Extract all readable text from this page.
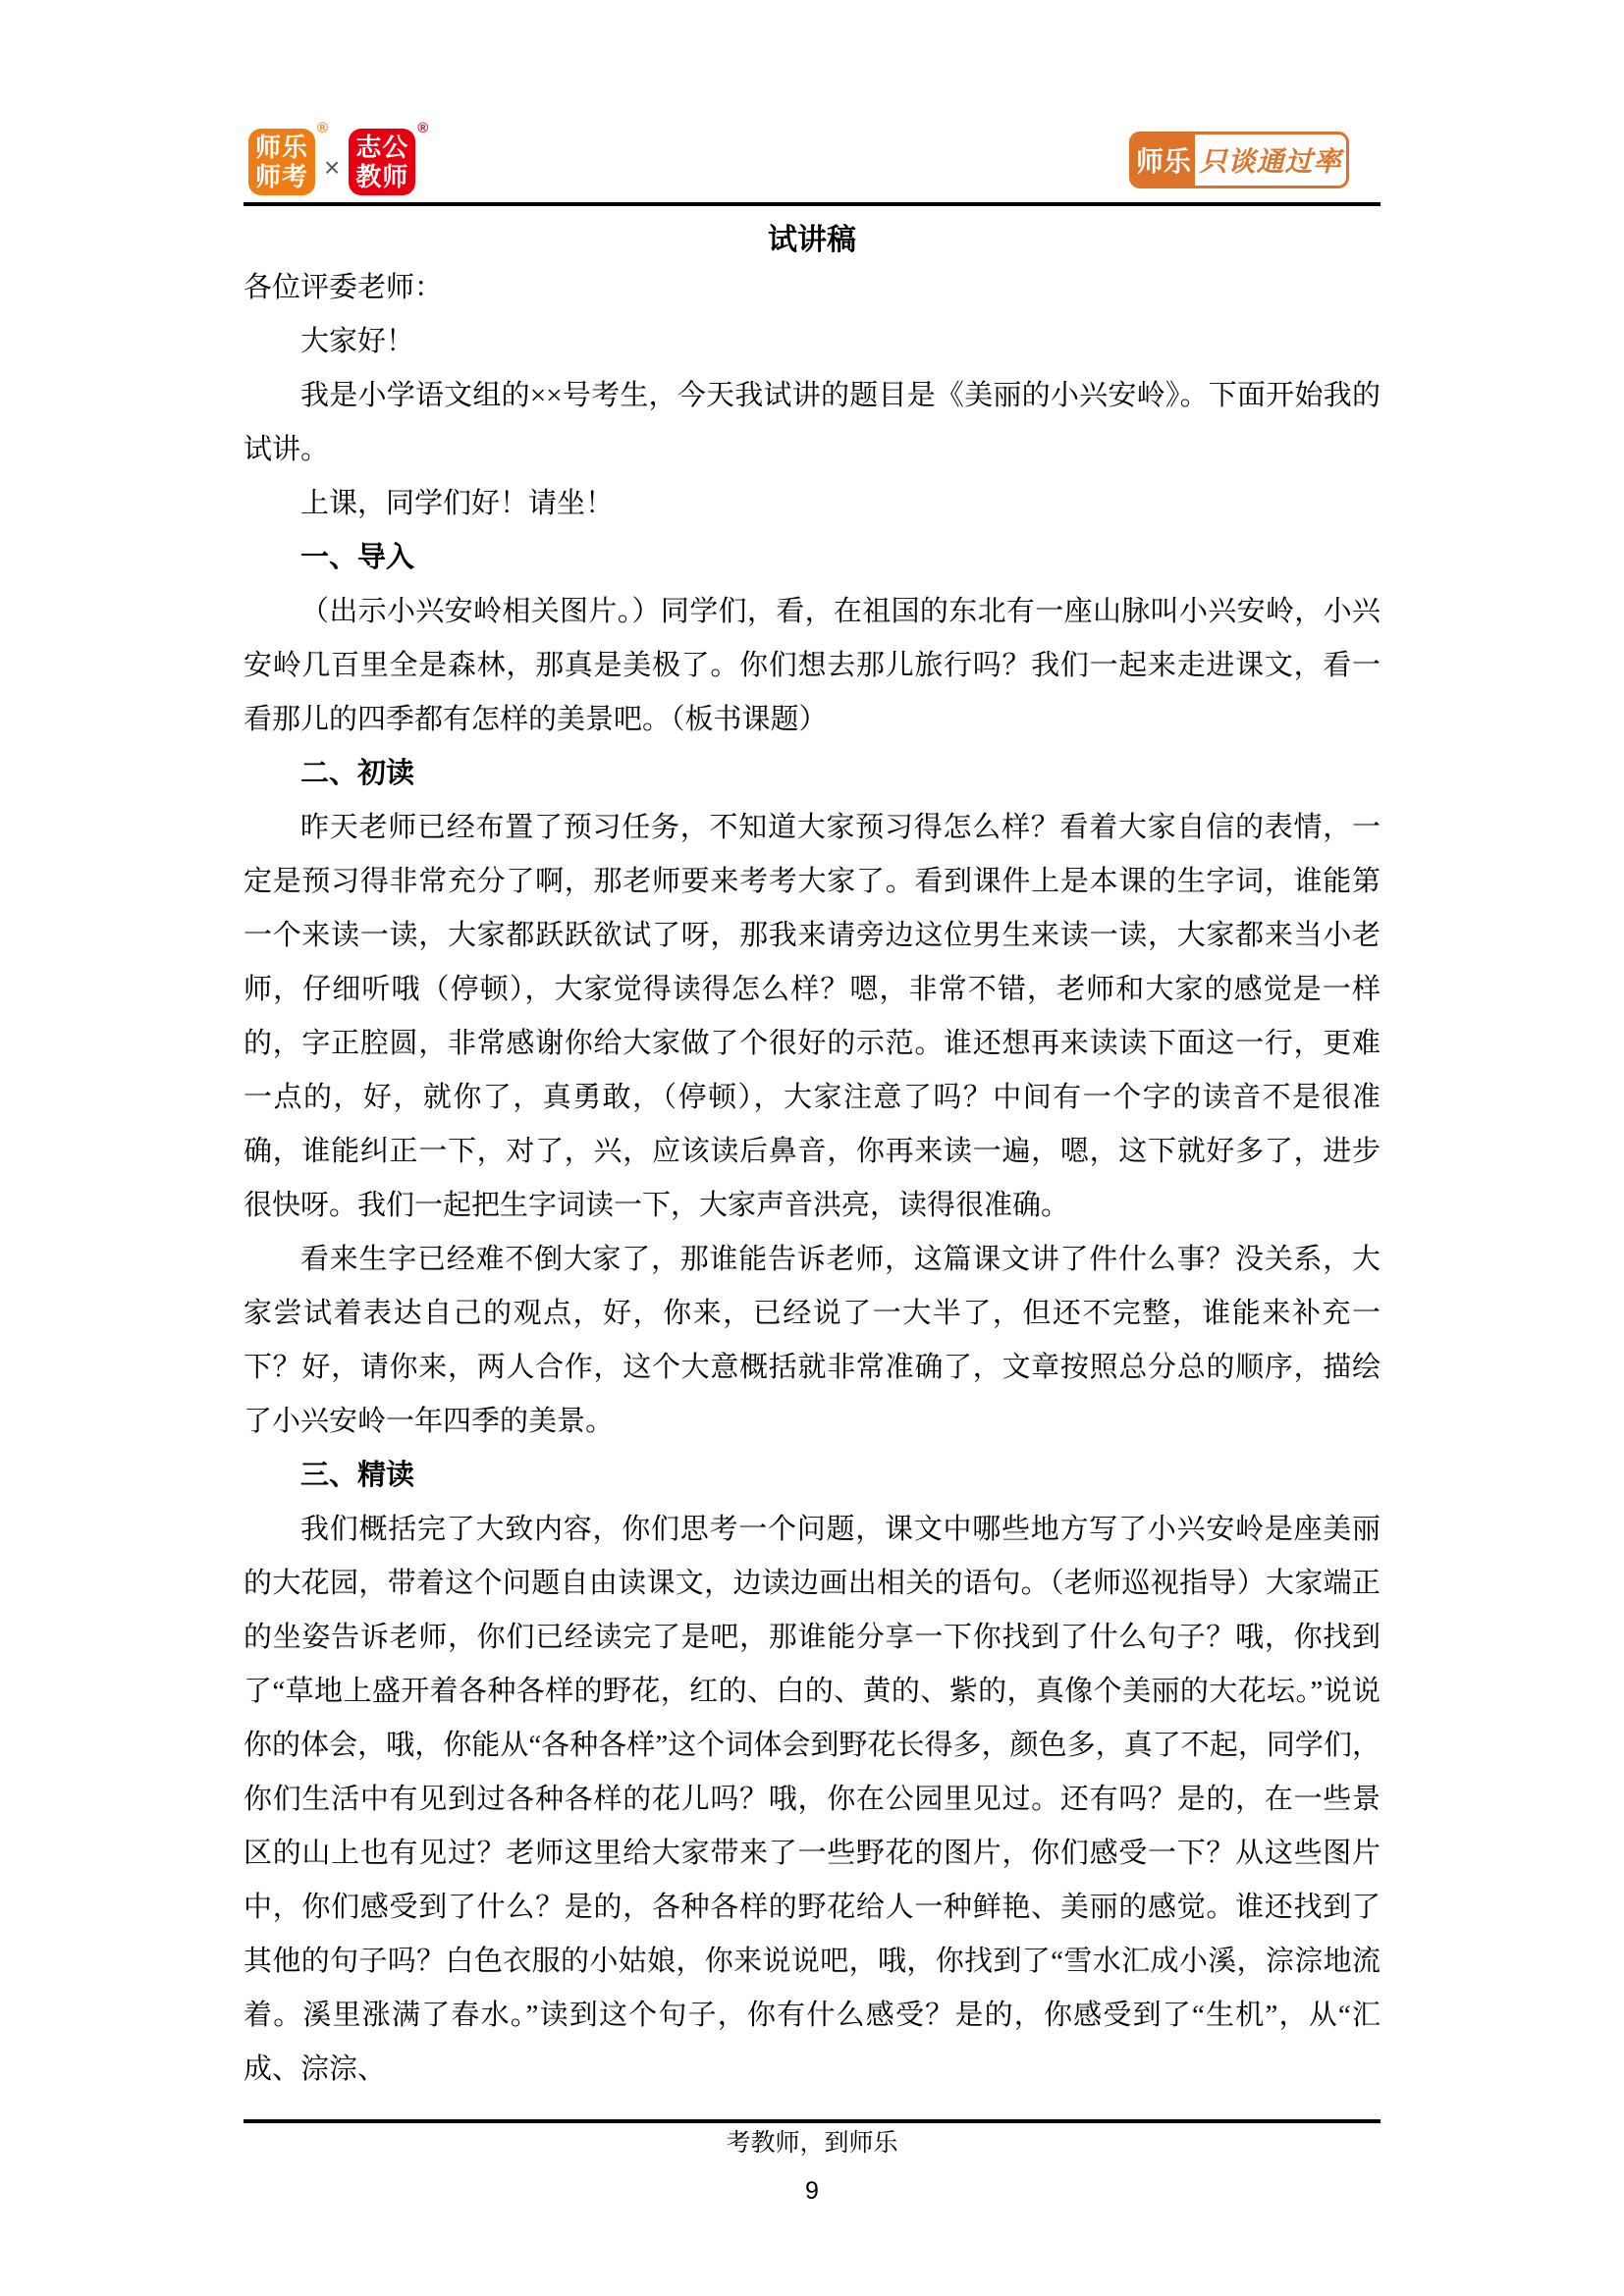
师乐
师考
®
×
志公
教师
®
师乐 只谈通过率
试讲稿

各位评委老师：

大家好！

我是小学语文组的××号考生，今天我试讲的题目是《美丽的小兴安岭》。下面开始我的试讲。

上课，同学们好！请坐！

一、导入

（出示小兴安岭相关图片。）同学们，看，在祖国的东北有一座山脉叫小兴安岭，小兴安岭几百里全是森林，那真是美极了。你们想去那儿旅行吗？我们一起来走进课文，看一看那儿的四季都有怎样的美景吧。（板书课题）

二、初读

昨天老师已经布置了预习任务，不知道大家预习得怎么样？看着大家自信的表情，一定是预习得非常充分了啊，那老师要来考考大家了。看到课件上是本课的生字词，谁能第一个来读一读，大家都跃跃欲试了呀，那我来请旁边这位男生来读一读，大家都来当小老师，仔细听哦（停顿），大家觉得读得怎么样？嗯，非常不错，老师和大家的感觉是一样的，字正腔圆，非常感谢你给大家做了个很好的示范。谁还想再来读读下面这一行，更难一点的，好，就你了，真勇敢，（停顿），大家注意了吗？中间有一个字的读音不是很准确，谁能纠正一下，对了，兴，应该读后鼻音，你再来读一遍，嗯，这下就好多了，进步很快呀。我们一起把生字词读一下，大家声音洪亮，读得很准确。

看来生字已经难不倒大家了，那谁能告诉老师，这篇课文讲了件什么事？没关系，大家尝试着表达自己的观点，好，你来，已经说了一大半了，但还不完整，谁能来补充一下？好，请你来，两人合作，这个大意概括就非常准确了，文章按照总分总的顺序，描绘了小兴安岭一年四季的美景。

三、精读

我们概括完了大致内容，你们思考一个问题，课文中哪些地方写了小兴安岭是座美丽的大花园，带着这个问题自由读课文，边读边画出相关的语句。（老师巡视指导）大家端正的坐姿告诉老师，你们已经读完了是吧，那谁能分享一下你找到了什么句子？哦，你找到了“草地上盛开着各种各样的野花，红的、白的、黄的、紫的，真像个美丽的大花坛。”说说你的体会，哦，你能从“各种各样”这个词体会到野花长得多，颜色多，真了不起，同学们，你们生活中有见到过各种各样的花儿吗？哦，你在公园里见过。还有吗？是的，在一些景区的山上也有见过？老师这里给大家带来了一些野花的图片，你们感受一下？从这些图片中，你们感受到了什么？是的，各种各样的野花给人一种鲜艳、美丽的感觉。谁还找到了其他的句子吗？白色衣服的小姑娘，你来说说吧，哦，你找到了“雪水汇成小溪，淙淙地流着。溪里涨满了春水。”读到这个句子，你有什么感受？是的，你感受到了“生机”，从“汇成、淙淙、

考教师，到师乐
9
